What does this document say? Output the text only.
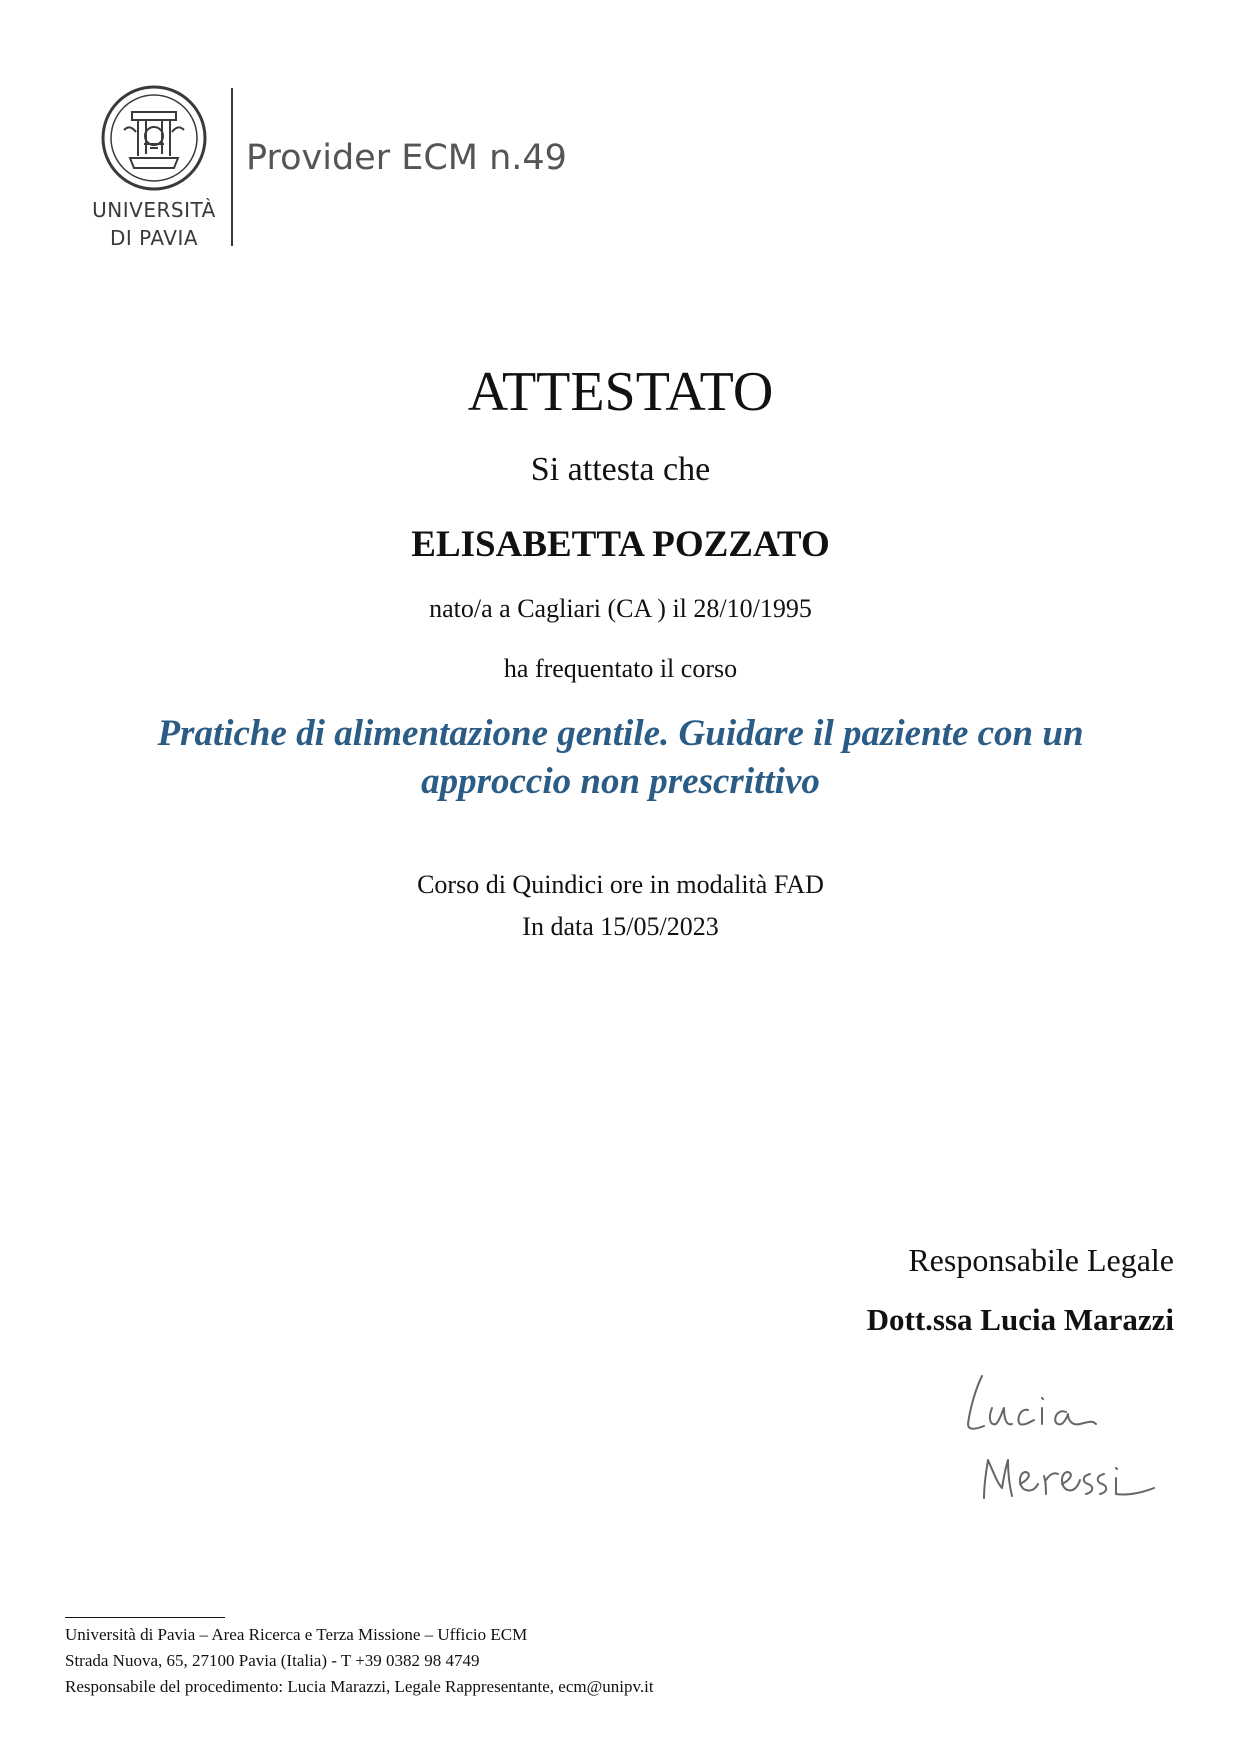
UNIVERSITÀ
DI PAVIA
Provider ECM n.49
ATTESTATO
Si attesta che
ELISABETTA POZZATO
nato/a a Cagliari (CA ) il 28/10/1995
ha frequentato il corso
Pratiche di alimentazione gentile. Guidare il paziente con un
approccio non prescrittivo
Corso di Quindici ore in modalità FAD
In data 15/05/2023
Responsabile Legale
Dott.ssa Lucia Marazzi
Università di Pavia – Area Ricerca e Terza Missione – Ufficio ECM
Strada Nuova, 65, 27100 Pavia (Italia) - T +39 0382 98 4749
Responsabile del procedimento: Lucia Marazzi, Legale Rappresentante, ecm@unipv.it
